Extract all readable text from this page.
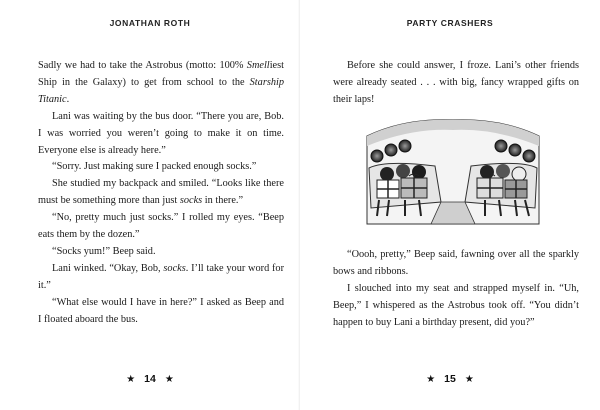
JONATHAN ROTH

Sadly we had to take the Astrobus (motto: 100% Smelliest Ship in the Galaxy) to get from school to the Starship Titanic.

Lani was waiting by the bus door. “There you are, Bob. I was worried you weren’t going to make it on time. Everyone else is already here.”

“Sorry. Just making sure I packed enough socks.”

She studied my backpack and smiled. “Looks like there must be something more than just socks in there.”

“No, pretty much just socks.” I rolled my eyes. “Beep eats them by the dozen.”

“Socks yum!” Beep said.

Lani winked. “Okay, Bob, socks. I’ll take your word for it.”

“What else would I have in here?” I asked as Beep and I floated aboard the bus.

★ 14 ★
PARTY CRASHERS

Before she could answer, I froze. Lani’s other friends were already seated . . . with big, fancy wrapped gifts on their laps!

“Oooh, pretty,” Beep said, fawning over all the sparkly bows and ribbons.

I slouched into my seat and strapped myself in. “Uh, Beep,” I whispered as the Astrobus took off. “You didn’t happen to buy Lani a birthday present, did you?”

★ 15 ★
